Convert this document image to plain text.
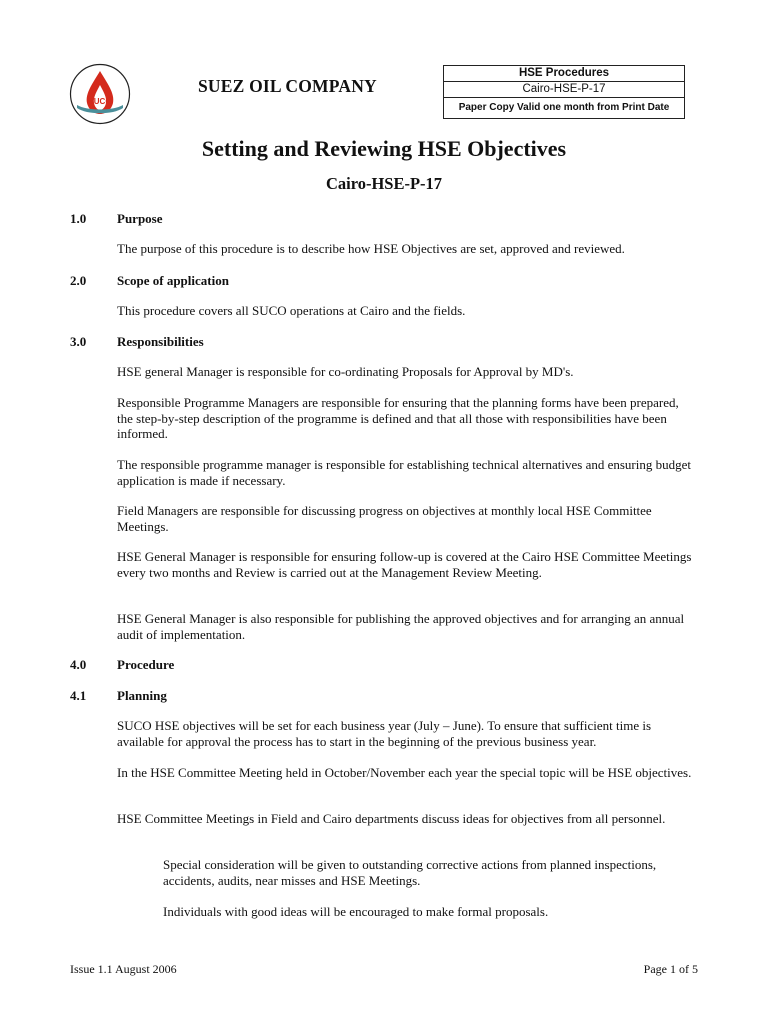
SUCO
SUEZ OIL COMPANY
HSE Procedures
Cairo-HSE-P-17
Paper Copy Valid one month from Print Date
Setting and Reviewing HSE Objectives
Cairo-HSE-P-17
1.0 Purpose
The purpose of this procedure is to describe how HSE Objectives are set, approved and reviewed.
2.0 Scope of application
This procedure covers all SUCO operations at Cairo and the fields.
3.0 Responsibilities
HSE general Manager is responsible for co-ordinating Proposals for Approval by MD's.
Responsible Programme Managers are responsible for ensuring that the planning forms have been prepared, the step-by-step description of the programme is defined and that all those with responsibilities have been informed.
The responsible programme manager is responsible for establishing technical alternatives and ensuring budget application is made if necessary.
Field Managers are responsible for discussing progress on objectives at monthly local HSE Committee Meetings.
HSE General Manager is responsible for ensuring follow-up is covered at the Cairo HSE Committee Meetings every two months and Review is carried out at the Management Review Meeting.
HSE General Manager is also responsible for publishing the approved objectives and for arranging an annual audit of implementation.
4.0 Procedure
4.1 Planning
SUCO HSE objectives will be set for each business year (July – June). To ensure that sufficient time is available for approval the process has to start in the beginning of the previous business year.
In the HSE Committee Meeting held in October/November each year the special topic will be HSE objectives.
HSE Committee Meetings in Field and Cairo departments discuss ideas for objectives from all personnel.
Special consideration will be given to outstanding corrective actions from planned inspections, accidents, audits, near misses and HSE Meetings.
Individuals with good ideas will be encouraged to make formal proposals.
Issue 1.1 August 2006	Page 1 of 5
